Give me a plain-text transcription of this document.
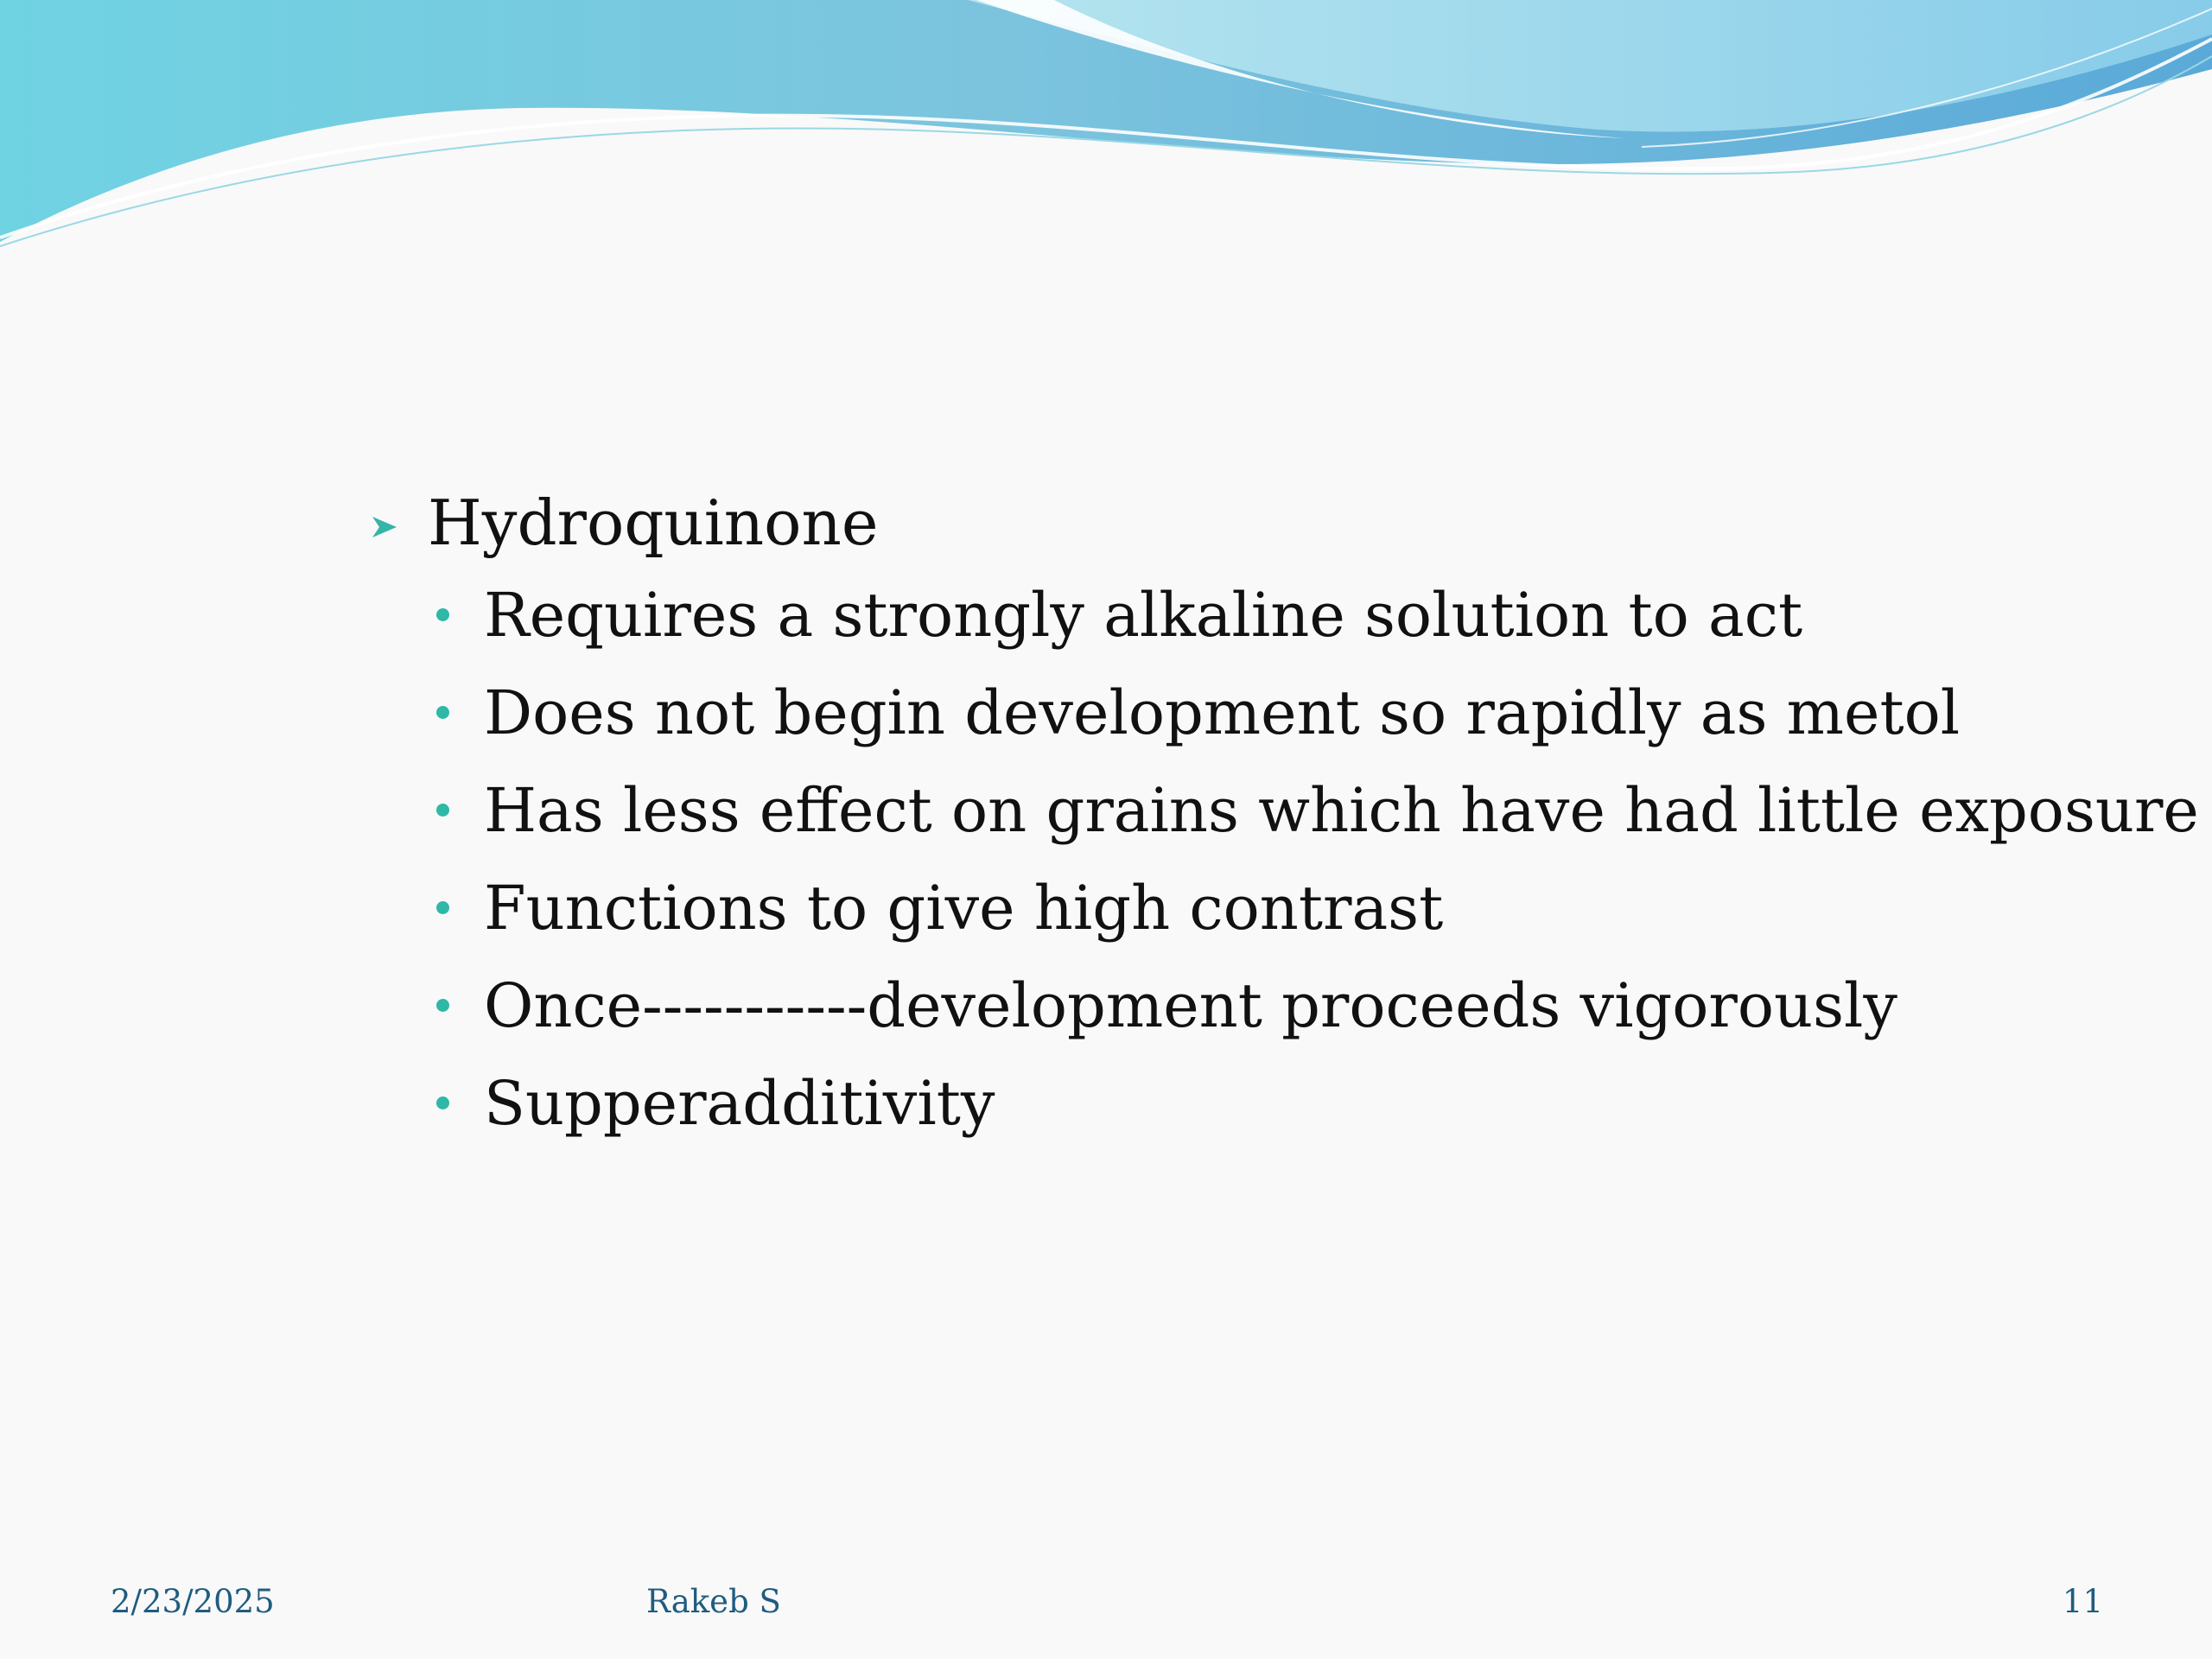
Hydroquinone
Requires a strongly alkaline solution to act
Does not begin development so rapidly as metol
Has less effect on grains which have had little exposure
Functions to give high contrast
Once-----------development proceeds vigorously
Supperadditivity
2/23/2025	Rakeb S	11
